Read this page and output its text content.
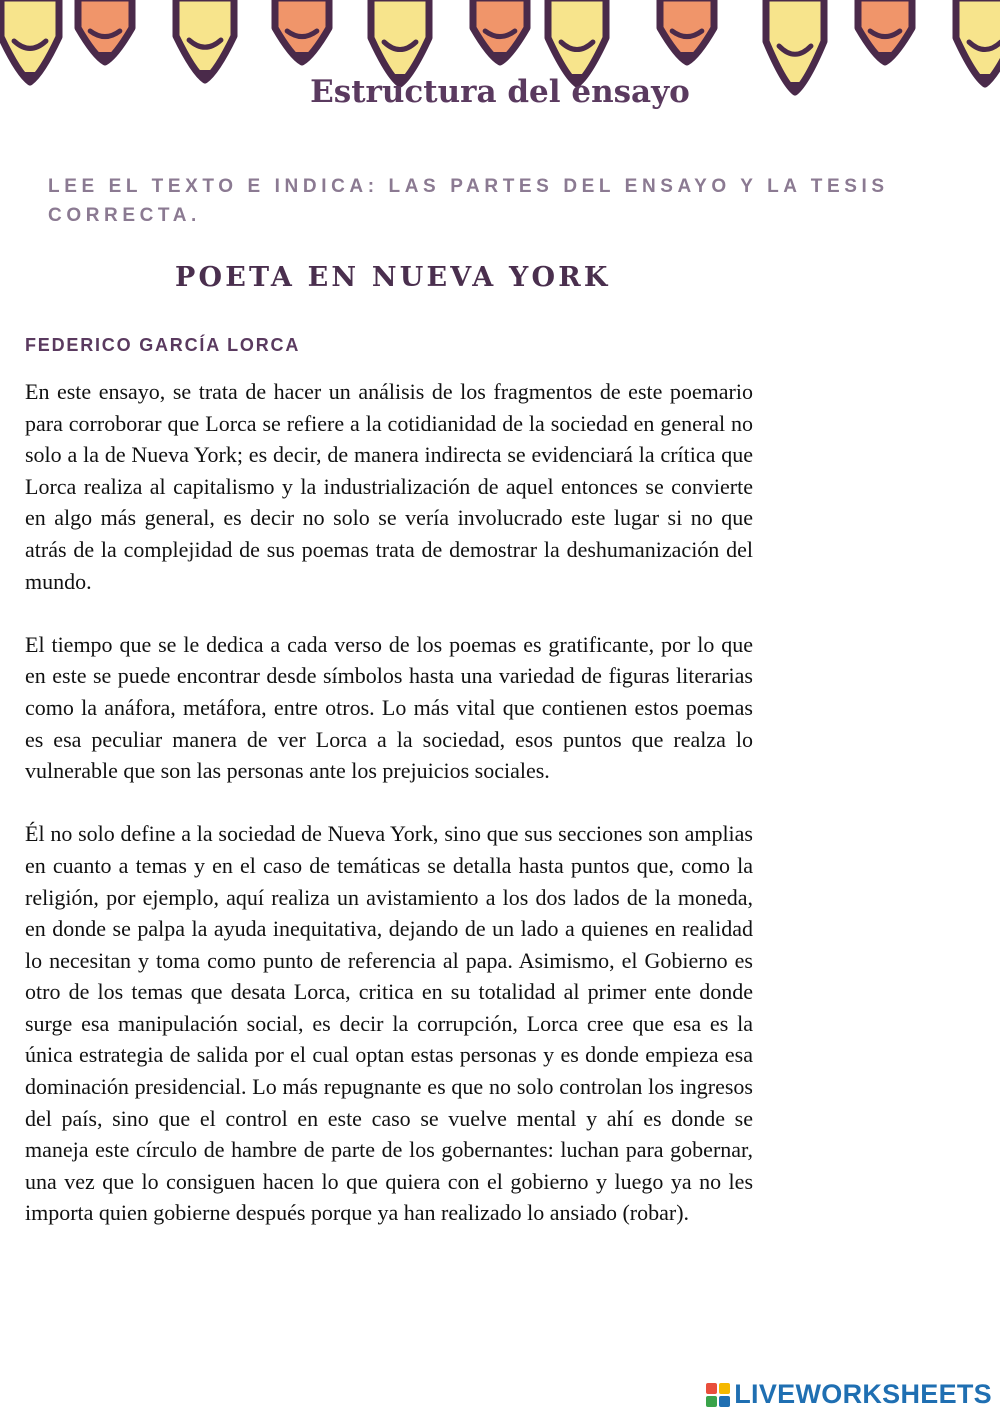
Estructura del ensayo

LEE EL TEXTO E INDICA: LAS PARTES DEL ENSAYO Y LA TESIS CORRECTA.

POETA EN NUEVA YORK
FEDERICO GARCÍA LORCA

En este ensayo, se trata de hacer un análisis de los fragmentos de este poemario para corroborar que Lorca se refiere a la cotidianidad de la sociedad en general no solo a la de Nueva York; es decir, de manera indirecta se evidenciará la crítica que Lorca realiza al capitalismo y la industrialización de aquel entonces se convierte en algo más general, es decir no solo se vería involucrado este lugar si no que atrás de la complejidad de sus poemas trata de demostrar la deshumanización del mundo.

El tiempo que se le dedica a cada verso de los poemas es gratificante, por lo que en este se puede encontrar desde símbolos hasta una variedad de figuras literarias como la anáfora, metáfora, entre otros. Lo más vital que contienen estos poemas es esa peculiar manera de ver Lorca a la sociedad, esos puntos que realza lo vulnerable que son las personas ante los prejuicios sociales.

Él no solo define a la sociedad de Nueva York, sino que sus secciones son amplias en cuanto a temas y en el caso de temáticas se detalla hasta puntos que, como la religión, por ejemplo, aquí realiza un avistamiento a los dos lados de la moneda, en donde se palpa la ayuda inequitativa, dejando de un lado a quienes en realidad lo necesitan y toma como punto de referencia al papa. Asimismo, el Gobierno es otro de los temas que desata Lorca, critica en su totalidad al primer ente donde surge esa manipulación social, es decir la corrupción, Lorca cree que esa es la única estrategia de salida por el cual optan estas personas y es donde empieza esa dominación presidencial. Lo más repugnante es que no solo controlan los ingresos del país, sino que el control en este caso se vuelve mental y ahí es donde se maneja este círculo de hambre de parte de los gobernantes: luchan para gobernar, una vez que lo consiguen hacen lo que quiera con el gobierno y luego ya no les importa quien gobierne después porque ya han realizado lo ansiado (robar).

LIVEWORKSHEETS
